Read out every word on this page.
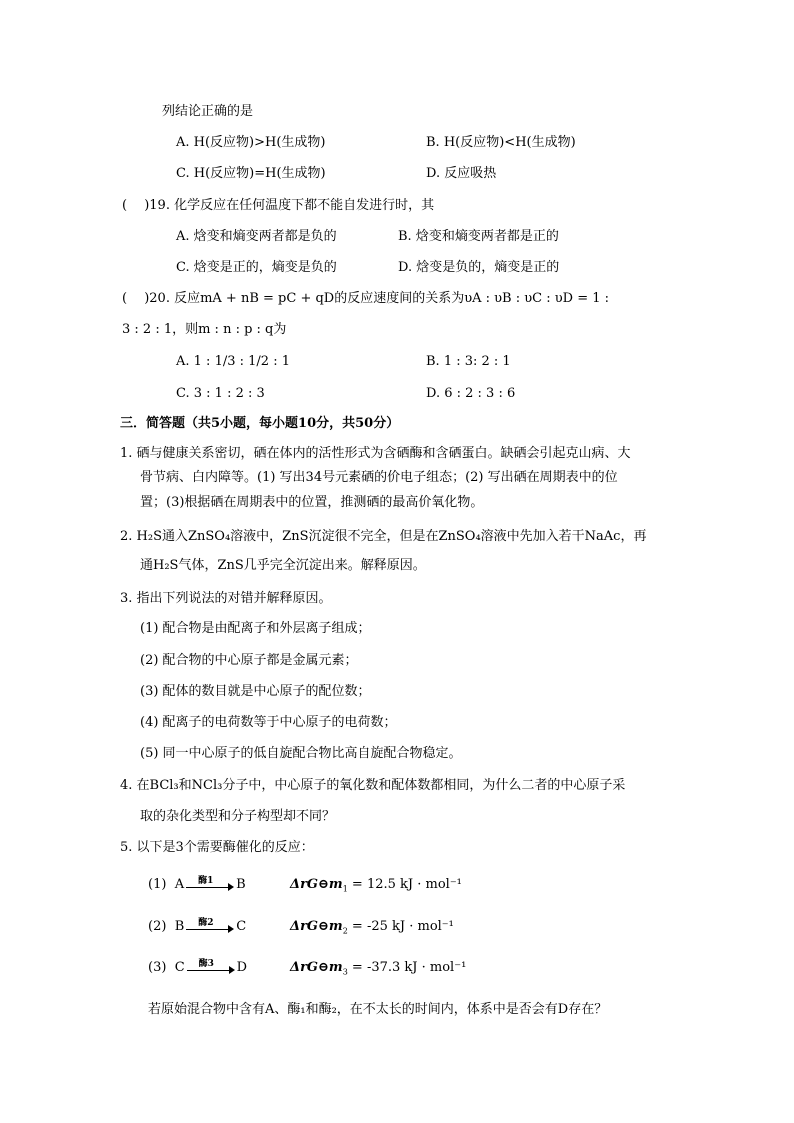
列结论正确的是
A. H(反应物)>H(生成物)	B. H(反应物)<H(生成物)
C. H(反应物)=H(生成物)	D. 反应吸热
(　 )19. 化学反应在任何温度下都不能自发进行时，其
A. 焓变和熵变两者都是负的	B. 焓变和熵变两者都是正的
C. 焓变是正的，熵变是负的	D. 焓变是负的，熵变是正的
(　 )20. 反应mA + nB = pC + qD的反应速度间的关系为υA : υB : υC : υD = 1 :
3 : 2 : 1，则m : n : p : q为
A. 1 : 1/3 : 1/2 : 1	B. 1 : 3: 2 : 1
C. 3 : 1 : 2 : 3	D. 6 : 2 : 3 : 6
三．简答题（共5小题，每小题10分，共50分）
1. 硒与健康关系密切，硒在体内的活性形式为含硒酶和含硒蛋白。缺硒会引起克山病、大
骨节病、白内障等。(1) 写出34号元素硒的价电子组态；(2) 写出硒在周期表中的位
置；(3)根据硒在周期表中的位置，推测硒的最高价氧化物。
2. H₂S通入ZnSO₄溶液中，ZnS沉淀很不完全，但是在ZnSO₄溶液中先加入若干NaAc，再
通H₂S气体，ZnS几乎完全沉淀出来。解释原因。
3. 指出下列说法的对错并解释原因。
(1) 配合物是由配离子和外层离子组成；
(2) 配合物的中心原子都是金属元素；
(3) 配体的数目就是中心原子的配位数；
(4) 配离子的电荷数等于中心原子的电荷数；
(5) 同一中心原子的低自旋配合物比高自旋配合物稳定。
4. 在BCl₃和NCl₃分子中，中心原子的氧化数和配体数都相同，为什么二者的中心原子采
取的杂化类型和分子构型却不同？
5. 以下是3个需要酶催化的反应：
(1) A 酶1 B	$\Delta rG⊖m_1 = 12.5$ kJ · mol⁻¹
(2) B 酶2 C	$\Delta rG⊖m_2 = -25$ kJ · mol⁻¹
(3) C 酶3 D	$\Delta rG⊖m_3 = -37.3$ kJ · mol⁻¹
若原始混合物中含有A、酶₁和酶₂，在不太长的时间内，体系中是否会有D存在？
